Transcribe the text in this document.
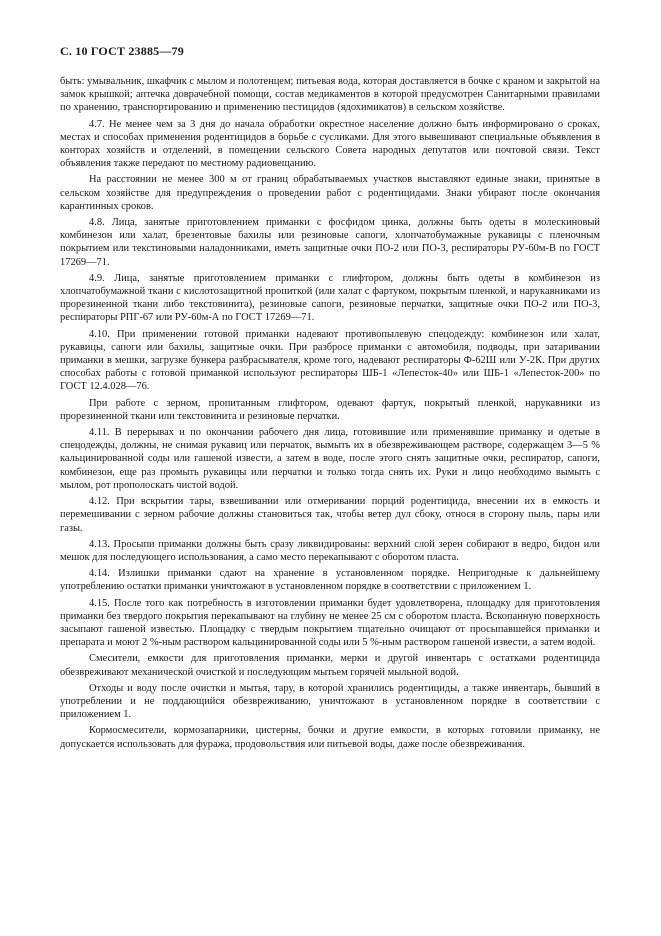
С. 10 ГОСТ 23885—79

быть: умывальник, шкафчик с мылом и полотенцем; питьевая вода, которая доставляется в бочке с краном и закрытой на замок крышкой; аптечка доврачебной помощи, состав медикаментов в которой предусмотрен Санитарными правилами по хранению, транспортированию и применению пестицидов (ядохимикатов) в сельском хозяйстве.

4.7. Не менее чем за 3 дня до начала обработки окрестное население должно быть информировано о сроках, местах и способах применения родентицидов в борьбе с сусликами. Для этого вывешивают специальные объявления в конторах хозяйств и отделений, в помещении сельского Совета народных депутатов или почтовой связи. Текст объявления также передают по местному радиовещанию.

На расстоянии не менее 300 м от границ обрабатываемых участков выставляют единые знаки, принятые в сельском хозяйстве для предупреждения о проведении работ с родентицидами. Знаки убирают после окончания карантинных сроков.

4.8. Лица, занятые приготовлением приманки с фосфидом цинка, должны быть одеты в молескиновый комбинезон или халат, брезентовые бахилы или резиновые сапоги, хлопчатобумажные рукавицы с пленочным покрытием или текстиновыми наладонниками, иметь защитные очки ПО-2 или ПО-3, респираторы РУ-60м-В по ГОСТ 17269—71.

4.9. Лица, занятые приготовлением приманки с глифтором, должны быть одеты в комбинезон из хлопчатобумажной ткани с кислотозащитной пропиткой (или халат с фартуком, покрытым пленкой, и нарукавниками из прорезиненной ткани либо текстовинита), резиновые сапоги, резиновые перчатки, защитные очки ПО-2 или ПО-3, респираторы РПГ-67 или РУ-60м-А по ГОСТ 17269—71.

4.10. При применении готовой приманки надевают противопылевую спецодежду: комбинезон или халат, рукавицы, сапоги или бахилы, защитные очки. При разбросе приманки с автомобиля, подводы, при затаривании приманки в мешки, загрузке бункера разбрасывателя, кроме того, надевают респираторы Ф-62Ш или У-2К. При других способах работы с готовой приманкой используют респираторы ШБ-1 «Лепесток-40» или ШБ-1 «Лепесток-200» по ГОСТ 12.4.028—76.

При работе с зерном, пропитанным глифтором, одевают фартук, покрытый пленкой, нарукавники из прорезиненной ткани или текстовинита и резиновые перчатки.

4.11. В перерывах и по окончании рабочего дня лица, готовившие или применявшие приманку и одетые в спецодежды, должны, не снимая рукавиц или перчаток, вымыть их в обезвреживающем растворе, содержащем 3—5 % кальцинированной соды или гашеной извести, а затем в воде, после этого снять защитные очки, респиратор, сапоги, комбинезон, еще раз промыть рукавицы или перчатки и только тогда снять их. Руки и лицо необходимо вымыть с мылом, рот прополоскать чистой водой.

4.12. При вскрытии тары, взвешивании или отмеривании порций родентицида, внесении их в емкость и перемешивании с зерном рабочие должны становиться так, чтобы ветер дул сбоку, относя в сторону пыль, пары или газы.

4.13. Просыпи приманки должны быть сразу ликвидированы: верхний слой зерен собирают в ведро, бидон или мешок для последующего использования, а само место перекапывают с оборотом пласта.

4.14. Излишки приманки сдают на хранение в установленном порядке. Непригодные к дальнейшему употреблению остатки приманки уничтожают в установленном порядке в соответствии с приложением 1.

4.15. После того как потребность в изготовлении приманки будет удовлетворена, площадку для приготовления приманки без твердого покрытия перекапывают на глубину не менее 25 см с оборотом пласта. Вскопанную поверхность засыпают гашеной известью. Площадку с твердым покрытием тщательно очищают от просыпавшейся приманки и препарата и моют 2 %-ным раствором кальцинированной соды или 5 %-ным раствором гашеной извести, а затем водой.

Смесители, емкости для приготовления приманки, мерки и другой инвентарь с остатками родентицида обезвреживают механической очисткой и последующим мытьем горячей мыльной водой.

Отходы и воду после очистки и мытья, тару, в которой хранились родентициды, а также инвентарь, бывший в употреблении и не поддающийся обезвреживанию, уничтожают в установленном порядке в соответствии с приложением 1.

Кормосмесители, кормозапарники, цистерны, бочки и другие емкости, в которых готовили приманку, не допускается использовать для фуража, продовольствия или питьевой воды, даже после обезвреживания.
